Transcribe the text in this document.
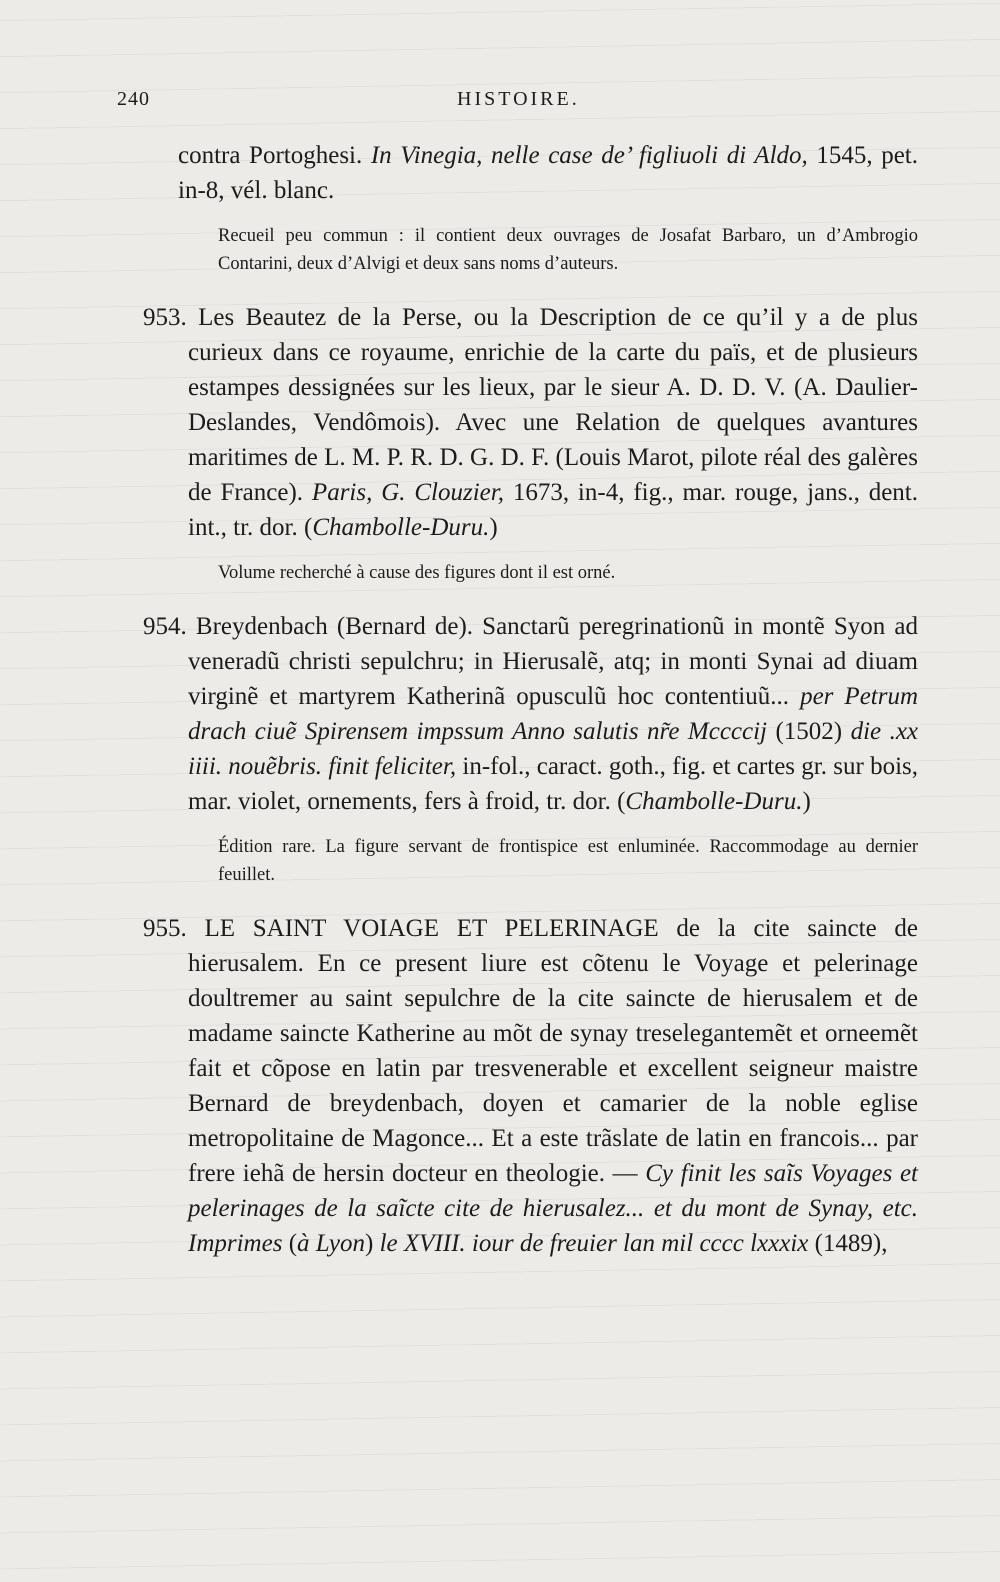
240	HISTOIRE.

contra Portoghesi. In Vinegia, nelle case de’ figliuoli di Aldo, 1545, pet. in-8, vél. blanc.

Recueil peu commun : il contient deux ouvrages de Josafat Barbaro, un d’Ambrogio Contarini, deux d’Alvigi et deux sans noms d’auteurs.

953. Les Beautez de la Perse, ou la Description de ce qu’il y a de plus curieux dans ce royaume, enrichie de la carte du païs, et de plusieurs estampes dessignées sur les lieux, par le sieur A. D. D. V. (A. Daulier-Deslandes, Vendômois). Avec une Relation de quelques avantures maritimes de L. M. P. R. D. G. D. F. (Louis Marot, pilote réal des galères de France). Paris, G. Clouzier, 1673, in-4, fig., mar. rouge, jans., dent. int., tr. dor. (Chambolle-Duru.)

Volume recherché à cause des figures dont il est orné.

954. Breydenbach (Bernard de). Sanctarũ peregrinationũ in montẽ Syon ad veneradũ christi sepulchru; in Hierusalẽ, atq; in monti Synai ad diuam virginẽ et martyrem Katherinã opusculũ hoc contentiuũ... per Petrum drach ciuẽ Spirensem impssum Anno salutis nr̃e Mccccij (1502) die .xx iiii. nouẽbris. finit feliciter, in-fol., caract. goth., fig. et cartes gr. sur bois, mar. violet, ornements, fers à froid, tr. dor. (Chambolle-Duru.)

Édition rare. La figure servant de frontispice est enluminée. Raccommodage au dernier feuillet.

955. LE SAINT VOIAGE ET PELERINAGE de la cite saincte de hierusalem. En ce present liure est cõtenu le Voyage et pelerinage doultremer au saint sepulchre de la cite saincte de hierusalem et de madame saincte Katherine au mõt de synay treselegantemẽt et orneemẽt fait et cõpose en latin par tresvenerable et excellent seigneur maistre Bernard de breydenbach, doyen et camarier de la noble eglise metropolitaine de Magonce... Et a este trãslate de latin en francois... par frere iehã de hersin docteur en theologie. — Cy finit les saĩs Voyages et pelerinages de la saĩcte cite de hierusalez... et du mont de Synay, etc. Imprimes (à Lyon) le XVIII. iour de freuier lan mil cccc lxxxix (1489),
